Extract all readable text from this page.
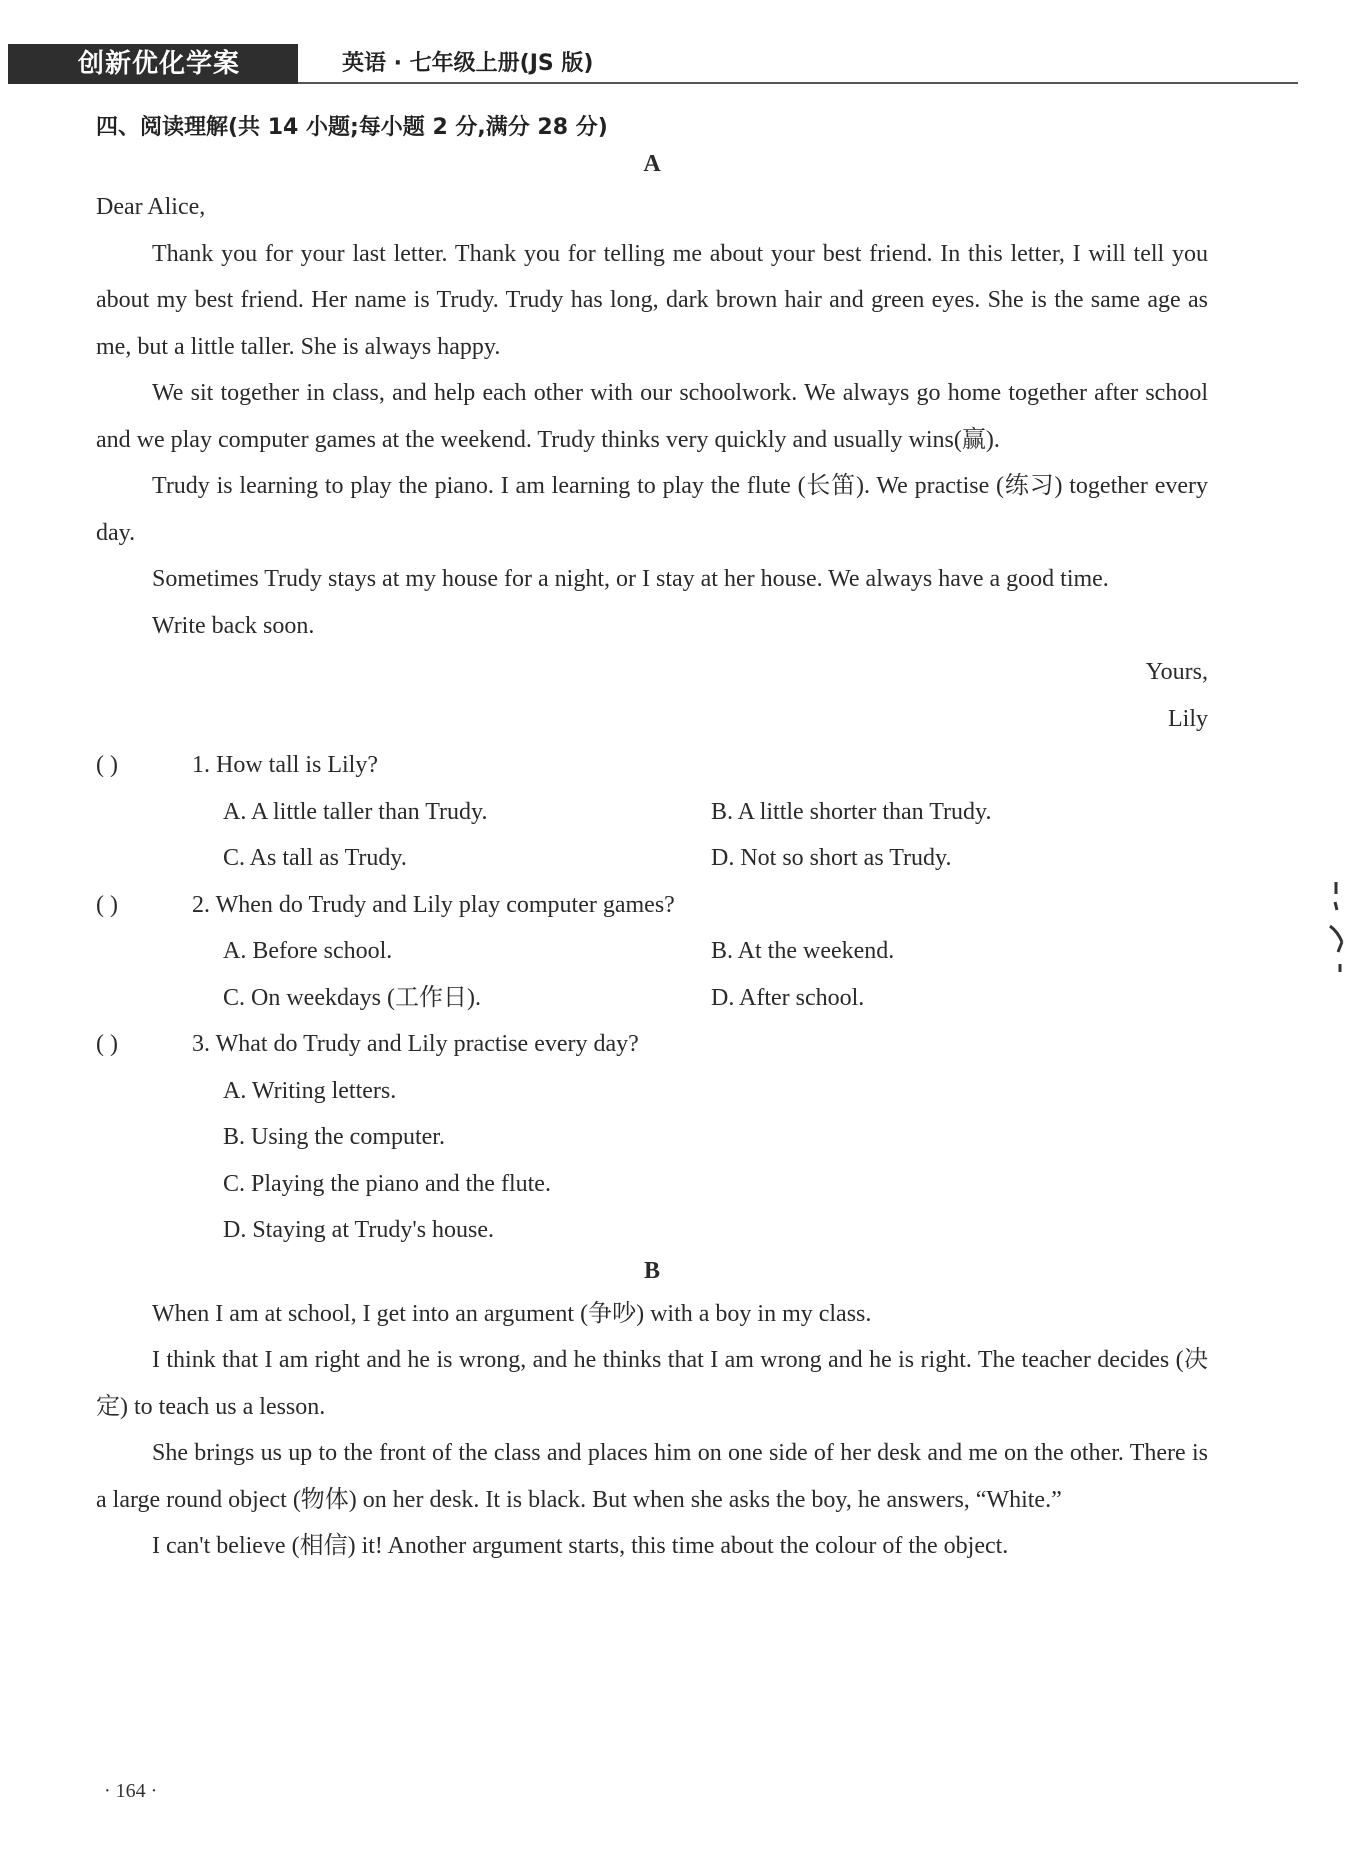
创新优化学案	英语 · 七年级上册(JS 版)
四、阅读理解(共 14 小题;每小题 2 分,满分 28 分)
A

Dear Alice,

Thank you for your last letter. Thank you for telling me about your best friend. In this letter, I will tell you about my best friend. Her name is Trudy. Trudy has long, dark brown hair and green eyes. She is the same age as me, but a little taller. She is always happy.

We sit together in class, and help each other with our schoolwork. We always go home together after school and we play computer games at the weekend. Trudy thinks very quickly and usually wins(赢).

Trudy is learning to play the piano. I am learning to play the flute (长笛). We practise (练习) together every day.

Sometimes Trudy stays at my house for a night, or I stay at her house. We always have a good time.

Write back soon.

Yours,

Lily

( )	1. How tall is Lily?
A. A little taller than Trudy.	B. A little shorter than Trudy.
C. As tall as Trudy.	D. Not so short as Trudy.
( )	2. When do Trudy and Lily play computer games?
A. Before school.	B. At the weekend.
C. On weekdays (工作日).	D. After school.
( )	3. What do Trudy and Lily practise every day?
A. Writing letters.
B. Using the computer.
C. Playing the piano and the flute.
D. Staying at Trudy's house.
B

When I am at school, I get into an argument (争吵) with a boy in my class.

I think that I am right and he is wrong, and he thinks that I am wrong and he is right. The teacher decides (决定) to teach us a lesson.

She brings us up to the front of the class and places him on one side of her desk and me on the other. There is a large round object (物体) on her desk. It is black. But when she asks the boy, he answers, “White.”

I can't believe (相信) it! Another argument starts, this time about the colour of the object.

· 164 ·
